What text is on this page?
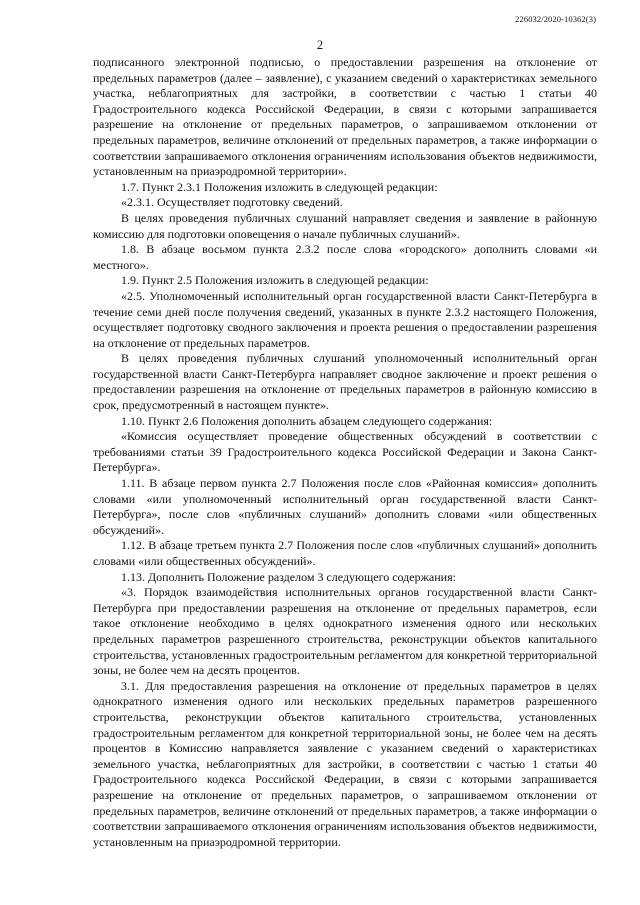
226032/2020-10362(3)
2

подписанного электронной подписью, о предоставлении разрешения на отклонение от предельных параметров (далее – заявление), с указанием сведений о характеристиках земельного участка, неблагоприятных для застройки, в соответствии с частью 1 статьи 40 Градостроительного кодекса Российской Федерации, в связи с которыми запрашивается разрешение на отклонение от предельных параметров, о запрашиваемом отклонении от предельных параметров, величине отклонений от предельных параметров, а также информации о соответствии запрашиваемого отклонения ограничениям использования объектов недвижимости, установленным на приаэродромной территории».

1.7. Пункт 2.3.1 Положения изложить в следующей редакции:

«2.3.1. Осуществляет подготовку сведений.

В целях проведения публичных слушаний направляет сведения и заявление в районную комиссию для подготовки оповещения о начале публичных слушаний».

1.8. В абзаце восьмом пункта 2.3.2 после слова «городского» дополнить словами «и местного».

1.9. Пункт 2.5 Положения изложить в следующей редакции:

«2.5. Уполномоченный исполнительный орган государственной власти Санкт-Петербурга в течение семи дней после получения сведений, указанных в пункте 2.3.2 настоящего Положения, осуществляет подготовку сводного заключения и проекта решения о предоставлении разрешения на отклонение от предельных параметров.

В целях проведения публичных слушаний уполномоченный исполнительный орган государственной власти Санкт-Петербурга направляет сводное заключение и проект решения о предоставлении разрешения на отклонение от предельных параметров в районную комиссию в срок, предусмотренный в настоящем пункте».

1.10. Пункт 2.6 Положения дополнить абзацем следующего содержания:

«Комиссия осуществляет проведение общественных обсуждений в соответствии с требованиями статьи 39 Градостроительного кодекса Российской Федерации и Закона Санкт-Петербурга».

1.11. В абзаце первом пункта 2.7 Положения после слов «Районная комиссия» дополнить словами «или уполномоченный исполнительный орган государственной власти Санкт-Петербурга», после слов «публичных слушаний» дополнить словами «или общественных обсуждений».

1.12. В абзаце третьем пункта 2.7 Положения после слов «публичных слушаний» дополнить словами «или общественных обсуждений».

1.13. Дополнить Положение разделом 3 следующего содержания:

«3. Порядок взаимодействия исполнительных органов государственной власти Санкт-Петербурга при предоставлении разрешения на отклонение от предельных параметров, если такое отклонение необходимо в целях однократного изменения одного или нескольких предельных параметров разрешенного строительства, реконструкции объектов капитального строительства, установленных градостроительным регламентом для конкретной территориальной зоны, не более чем на десять процентов.

3.1. Для предоставления разрешения на отклонение от предельных параметров в целях однократного изменения одного или нескольких предельных параметров разрешенного строительства, реконструкции объектов капитального строительства, установленных градостроительным регламентом для конкретной территориальной зоны, не более чем на десять процентов в Комиссию направляется заявление с указанием сведений о характеристиках земельного участка, неблагоприятных для застройки, в соответствии с частью 1 статьи 40 Градостроительного кодекса Российской Федерации, в связи с которыми запрашивается разрешение на отклонение от предельных параметров, о запрашиваемом отклонении от предельных параметров, величине отклонений от предельных параметров, а также информации о соответствии запрашиваемого отклонения ограничениям использования объектов недвижимости, установленным на приаэродромной территории.
